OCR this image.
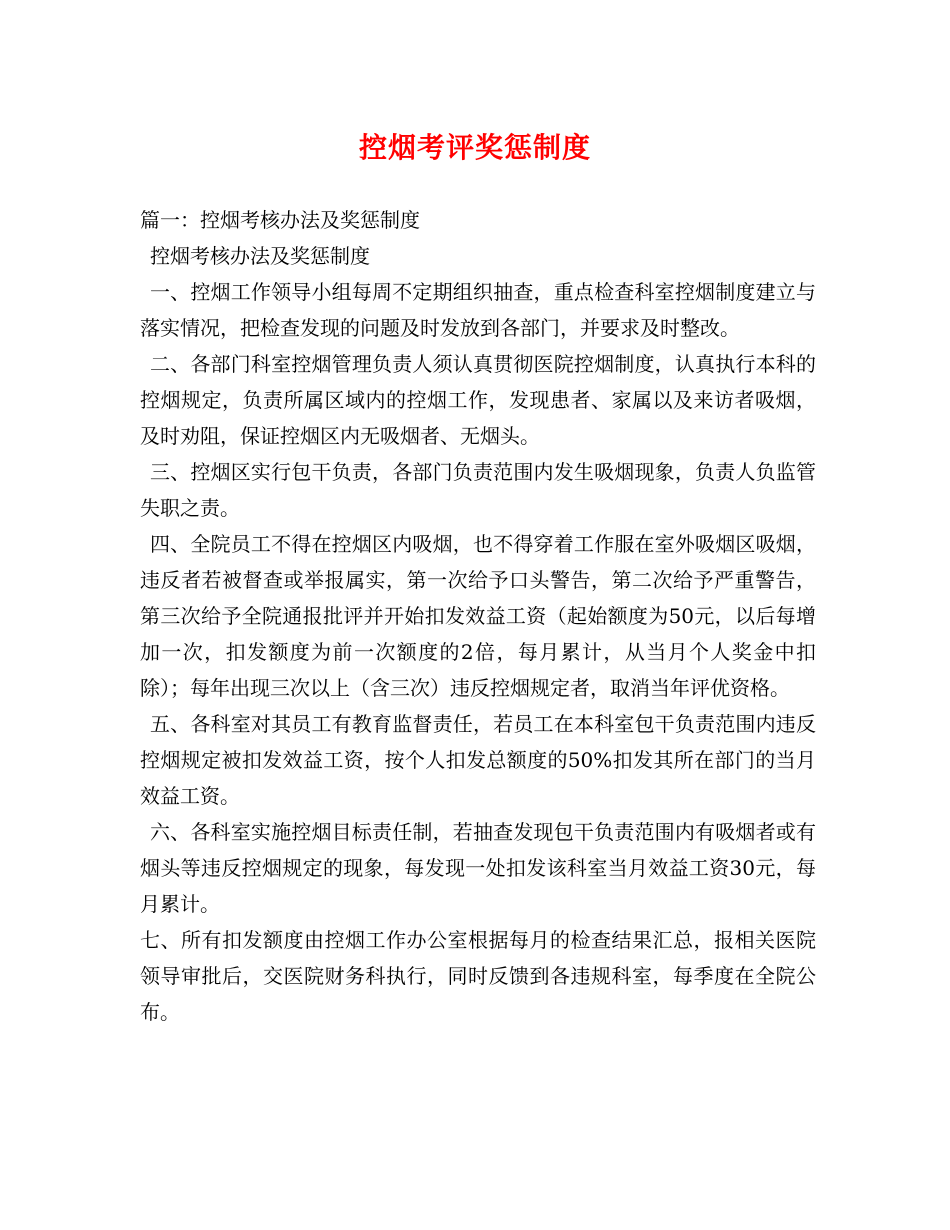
控烟考评奖惩制度

篇一：控烟考核办法及奖惩制度

控烟考核办法及奖惩制度

一、控烟工作领导小组每周不定期组织抽查，重点检查科室控烟制度建立与落实情况，把检查发现的问题及时发放到各部门，并要求及时整改。

二、各部门科室控烟管理负责人须认真贯彻医院控烟制度，认真执行本科的控烟规定，负责所属区域内的控烟工作，发现患者、家属以及来访者吸烟，及时劝阻，保证控烟区内无吸烟者、无烟头。

三、控烟区实行包干负责，各部门负责范围内发生吸烟现象，负责人负监管失职之责。

四、全院员工不得在控烟区内吸烟，也不得穿着工作服在室外吸烟区吸烟，违反者若被督查或举报属实，第一次给予口头警告，第二次给予严重警告，第三次给予全院通报批评并开始扣发效益工资（起始额度为50元，以后每增加一次，扣发额度为前一次额度的2倍，每月累计，从当月个人奖金中扣除）；每年出现三次以上（含三次）违反控烟规定者，取消当年评优资格。

五、各科室对其员工有教育监督责任，若员工在本科室包干负责范围内违反控烟规定被扣发效益工资，按个人扣发总额度的50%扣发其所在部门的当月效益工资。

六、各科室实施控烟目标责任制，若抽查发现包干负责范围内有吸烟者或有烟头等违反控烟规定的现象，每发现一处扣发该科室当月效益工资30元，每月累计。

七、所有扣发额度由控烟工作办公室根据每月的检查结果汇总，报相关医院领导审批后，交医院财务科执行，同时反馈到各违规科室，每季度在全院公布。
